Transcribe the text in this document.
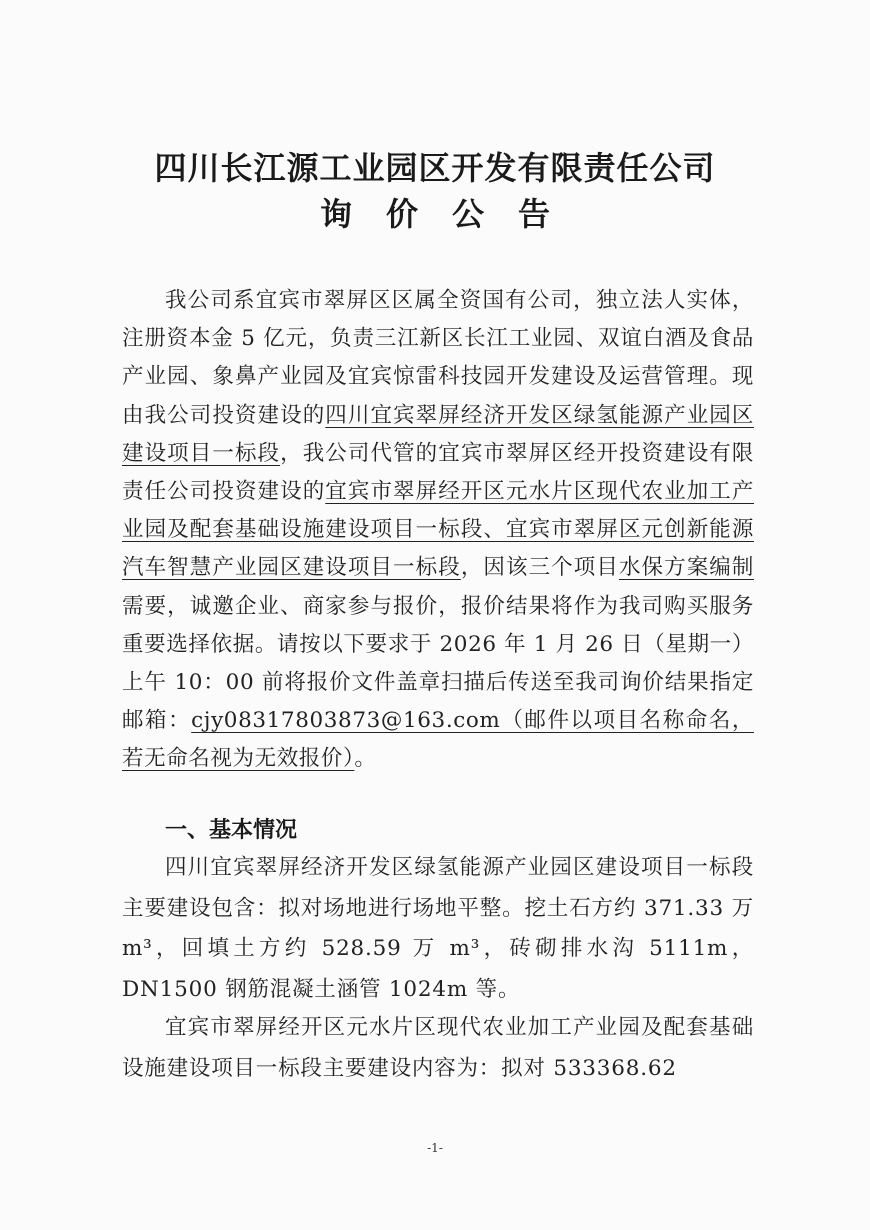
四川长江源工业园区开发有限责任公司
询价公告
我公司系宜宾市翠屏区区属全资国有公司，独立法人实体，注册资本金 5 亿元，负责三江新区长江工业园、双谊白酒及食品产业园、象鼻产业园及宜宾惊雷科技园开发建设及运营管理。现由我公司投资建设的四川宜宾翠屏经济开发区绿氢能源产业园区建设项目一标段，我公司代管的宜宾市翠屏区经开投资建设有限责任公司投资建设的宜宾市翠屏经开区元水片区现代农业加工产业园及配套基础设施建设项目一标段、宜宾市翠屏区元创新能源汽车智慧产业园区建设项目一标段，因该三个项目水保方案编制需要，诚邀企业、商家参与报价，报价结果将作为我司购买服务重要选择依据。请按以下要求于 2026 年 1 月 26 日（星期一）上午 10：00 前将报价文件盖章扫描后传送至我司询价结果指定邮箱：cjy08317803873@163.com（邮件以项目名称命名，若无命名视为无效报价）。
一、基本情况
四川宜宾翠屏经济开发区绿氢能源产业园区建设项目一标段主要建设包含：拟对场地进行场地平整。挖土石方约 371.33 万 m³，回填土方约 528.59 万 m³，砖砌排水沟 5111m，DN1500 钢筋混凝土涵管 1024m 等。
宜宾市翠屏经开区元水片区现代农业加工产业园及配套基础设施建设项目一标段主要建设内容为：拟对 533368.62
-1-
